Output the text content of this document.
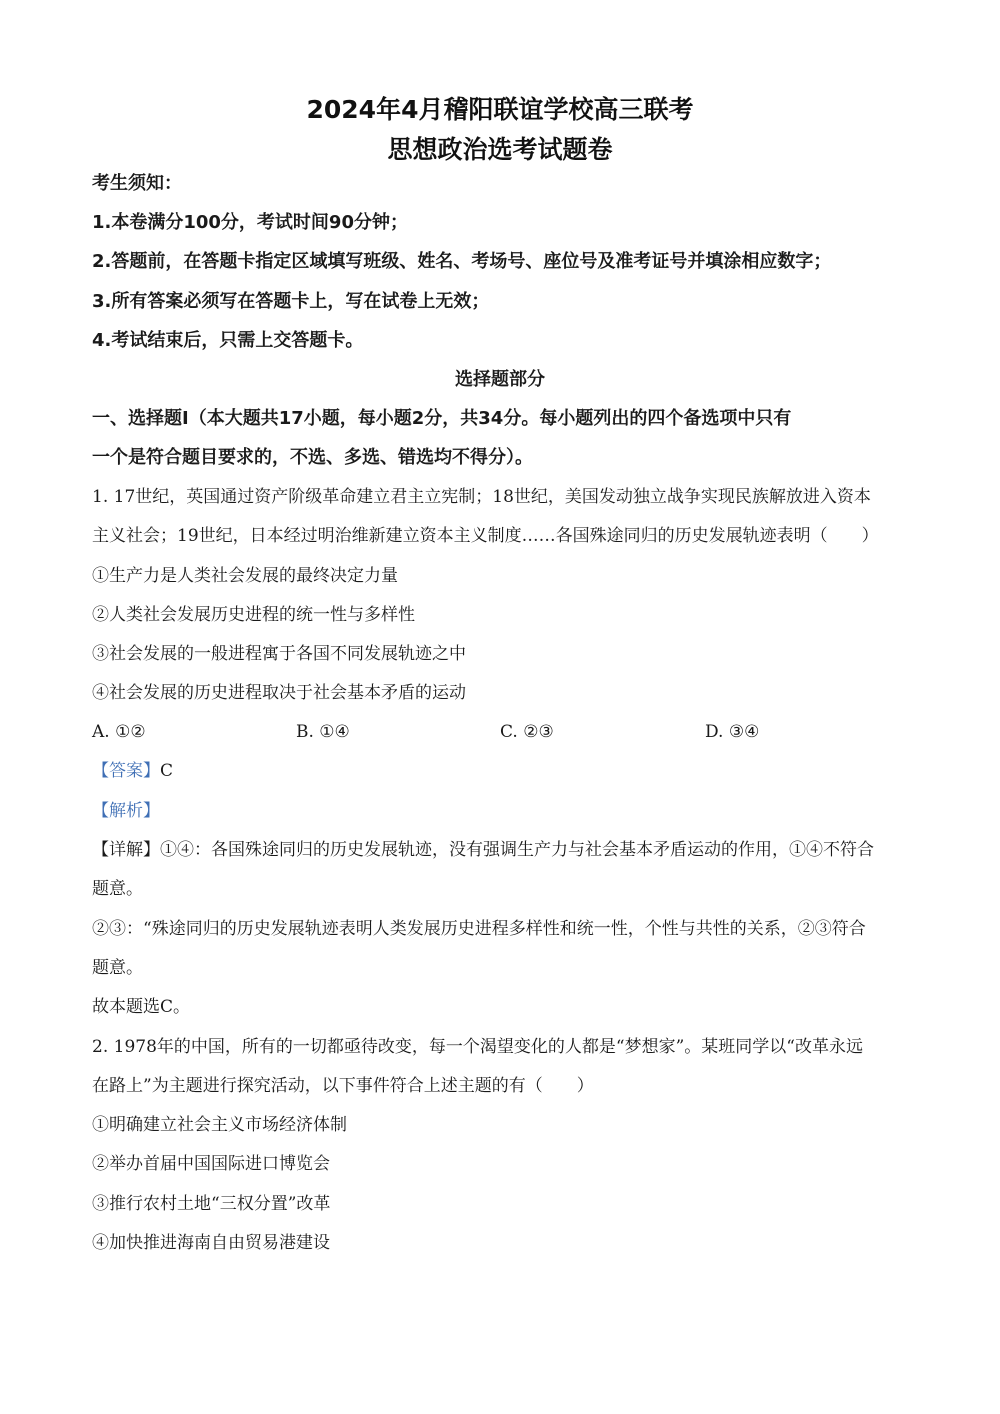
2024年4月稽阳联谊学校高三联考
思想政治选考试题卷
考生须知：
1.本卷满分100分，考试时间90分钟；
2.答题前，在答题卡指定区域填写班级、姓名、考场号、座位号及准考证号并填涂相应数字；
3.所有答案必须写在答题卡上，写在试卷上无效；
4.考试结束后，只需上交答题卡。
选择题部分
一、选择题Ⅰ（本大题共17小题，每小题2分，共34分。每小题列出的四个备选项中只有
一个是符合题目要求的，不选、多选、错选均不得分）。
1. 17世纪，英国通过资产阶级革命建立君主立宪制；18世纪，美国发动独立战争实现民族解放进入资本
主义社会；19世纪，日本经过明治维新建立资本主义制度……各国殊途同归的历史发展轨迹表明（　　）
①生产力是人类社会发展的最终决定力量
②人类社会发展历史进程的统一性与多样性
③社会发展的一般进程寓于各国不同发展轨迹之中
④社会发展的历史进程取决于社会基本矛盾的运动
A. ①②	B. ①④	C. ②③	D. ③④
【答案】C
【解析】
【详解】①④：各国殊途同归的历史发展轨迹，没有强调生产力与社会基本矛盾运动的作用，①④不符合
题意。
②③：“殊途同归的历史发展轨迹表明人类发展历史进程多样性和统一性，个性与共性的关系，②③符合
题意。
故本题选C。
2. 1978年的中国，所有的一切都亟待改变，每一个渴望变化的人都是“梦想家”。某班同学以“改革永远
在路上”为主题进行探究活动，以下事件符合上述主题的有（　　）
①明确建立社会主义市场经济体制
②举办首届中国国际进口博览会
③推行农村土地“三权分置”改革
④加快推进海南自由贸易港建设
